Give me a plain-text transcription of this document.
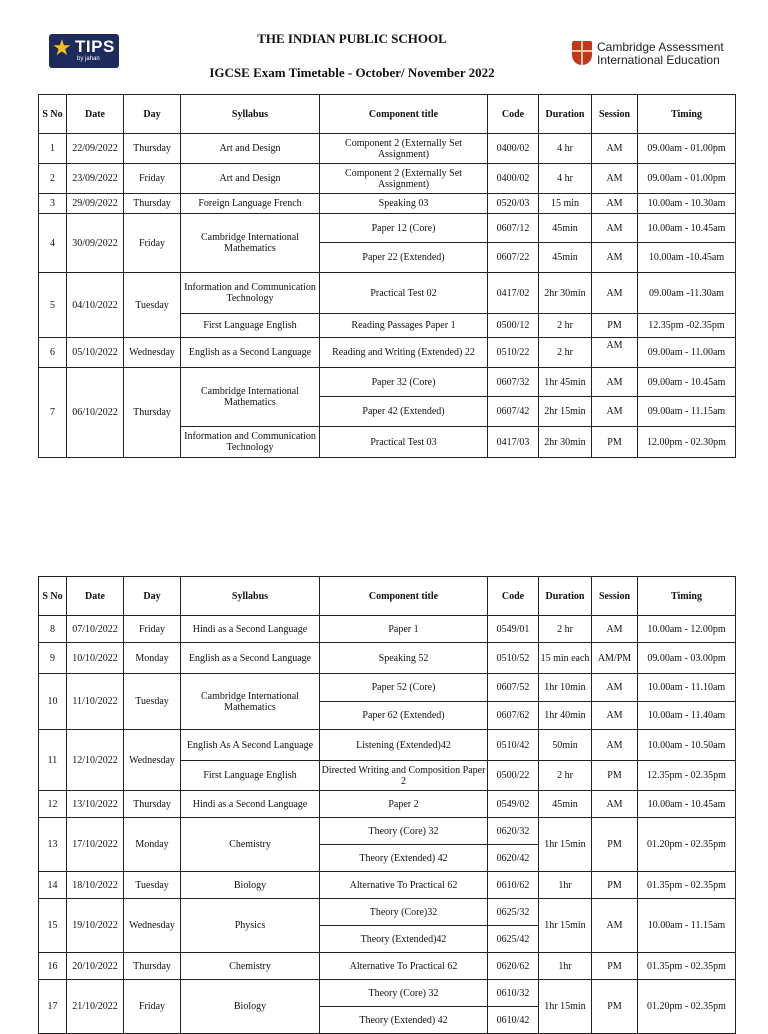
★ TIPS
by jahan
THE INDIAN PUBLIC SCHOOL
IGCSE Exam Timetable - October/ November 2022
Cambridge Assessment
International Education
S No	Date	Day	Syllabus	Component title	Code	Duration	Session	Timing
1	22/09/2022	Thursday	Art and Design	Component 2 (Externally Set Assignment)	0400/02	4 hr	AM	09.00am - 01.00pm
2	23/09/2022	Friday	Art and Design	Component 2 (Externally Set Assignment)	0400/02	4 hr	AM	09.00am - 01.00pm
3	29/09/2022	Thursday	Foreign Language French	Speaking 03	0520/03	15 min	AM	10.00am - 10.30am
4	30/09/2022	Friday	Cambridge International Mathematics	Paper 12 (Core)	0607/12	45min	AM	10.00am - 10.45am
				Paper 22 (Extended)	0607/22	45min	AM	10.00am -10.45am
5	04/10/2022	Tuesday	Information and Communication Technology	Practical Test 02	0417/02	2hr 30min	AM	09.00am -11.30am
			First Language English	Reading Passages Paper 1	0500/12	2 hr	PM	12.35pm -02.35pm
6	05/10/2022	Wednesday	English as a Second Language	Reading and Writing (Extended) 22	0510/22	2 hr	AM	09.00am - 11.00am
7	06/10/2022	Thursday	Cambridge International Mathematics	Paper 32 (Core)	0607/32	1hr 45min	AM	09.00am - 10.45am
				Paper 42 (Extended)	0607/42	2hr 15min	AM	09.00am - 11.15am
			Information and Communication Technology	Practical Test 03	0417/03	2hr 30min	PM	12.00pm - 02.30pm
S No	Date	Day	Syllabus	Component title	Code	Duration	Session	Timing
8	07/10/2022	Friday	Hindi as a Second Language	Paper 1	0549/01	2 hr	AM	10.00am - 12.00pm
9	10/10/2022	Monday	English as a Second Language	Speaking 52	0510/52	15 min each	AM/PM	09.00am - 03.00pm
10	11/10/2022	Tuesday	Cambridge International Mathematics	Paper 52 (Core)	0607/52	1hr 10min	AM	10.00am - 11.10am
				Paper 62 (Extended)	0607/62	1hr 40min	AM	10.00am - 11.40am
11	12/10/2022	Wednesday	English As A Second Language	Listening (Extended)42	0510/42	50min	AM	10.00am - 10.50am
			First Language English	Directed Writing and Composition Paper 2	0500/22	2 hr	PM	12.35pm - 02.35pm
12	13/10/2022	Thursday	Hindi as a Second Language	Paper 2	0549/02	45min	AM	10.00am - 10.45am
13	17/10/2022	Monday	Chemistry	Theory (Core) 32	0620/32	1hr 15min	PM	01.20pm - 02.35pm
				Theory (Extended) 42	0620/42			
14	18/10/2022	Tuesday	Biology	Alternative To Practical 62	0610/62	1hr	PM	01.35pm - 02.35pm
15	19/10/2022	Wednesday	Physics	Theory (Core)32	0625/32	1hr 15min	AM	10.00am - 11.15am
				Theory (Extended)42	0625/42			
16	20/10/2022	Thursday	Chemistry	Alternative To Practical 62	0620/62	1hr	PM	01.35pm - 02.35pm
17	21/10/2022	Friday	Biology	Theory (Core) 32	0610/32	1hr 15min	PM	01.20pm - 02.35pm
				Theory (Extended) 42	0610/42			
